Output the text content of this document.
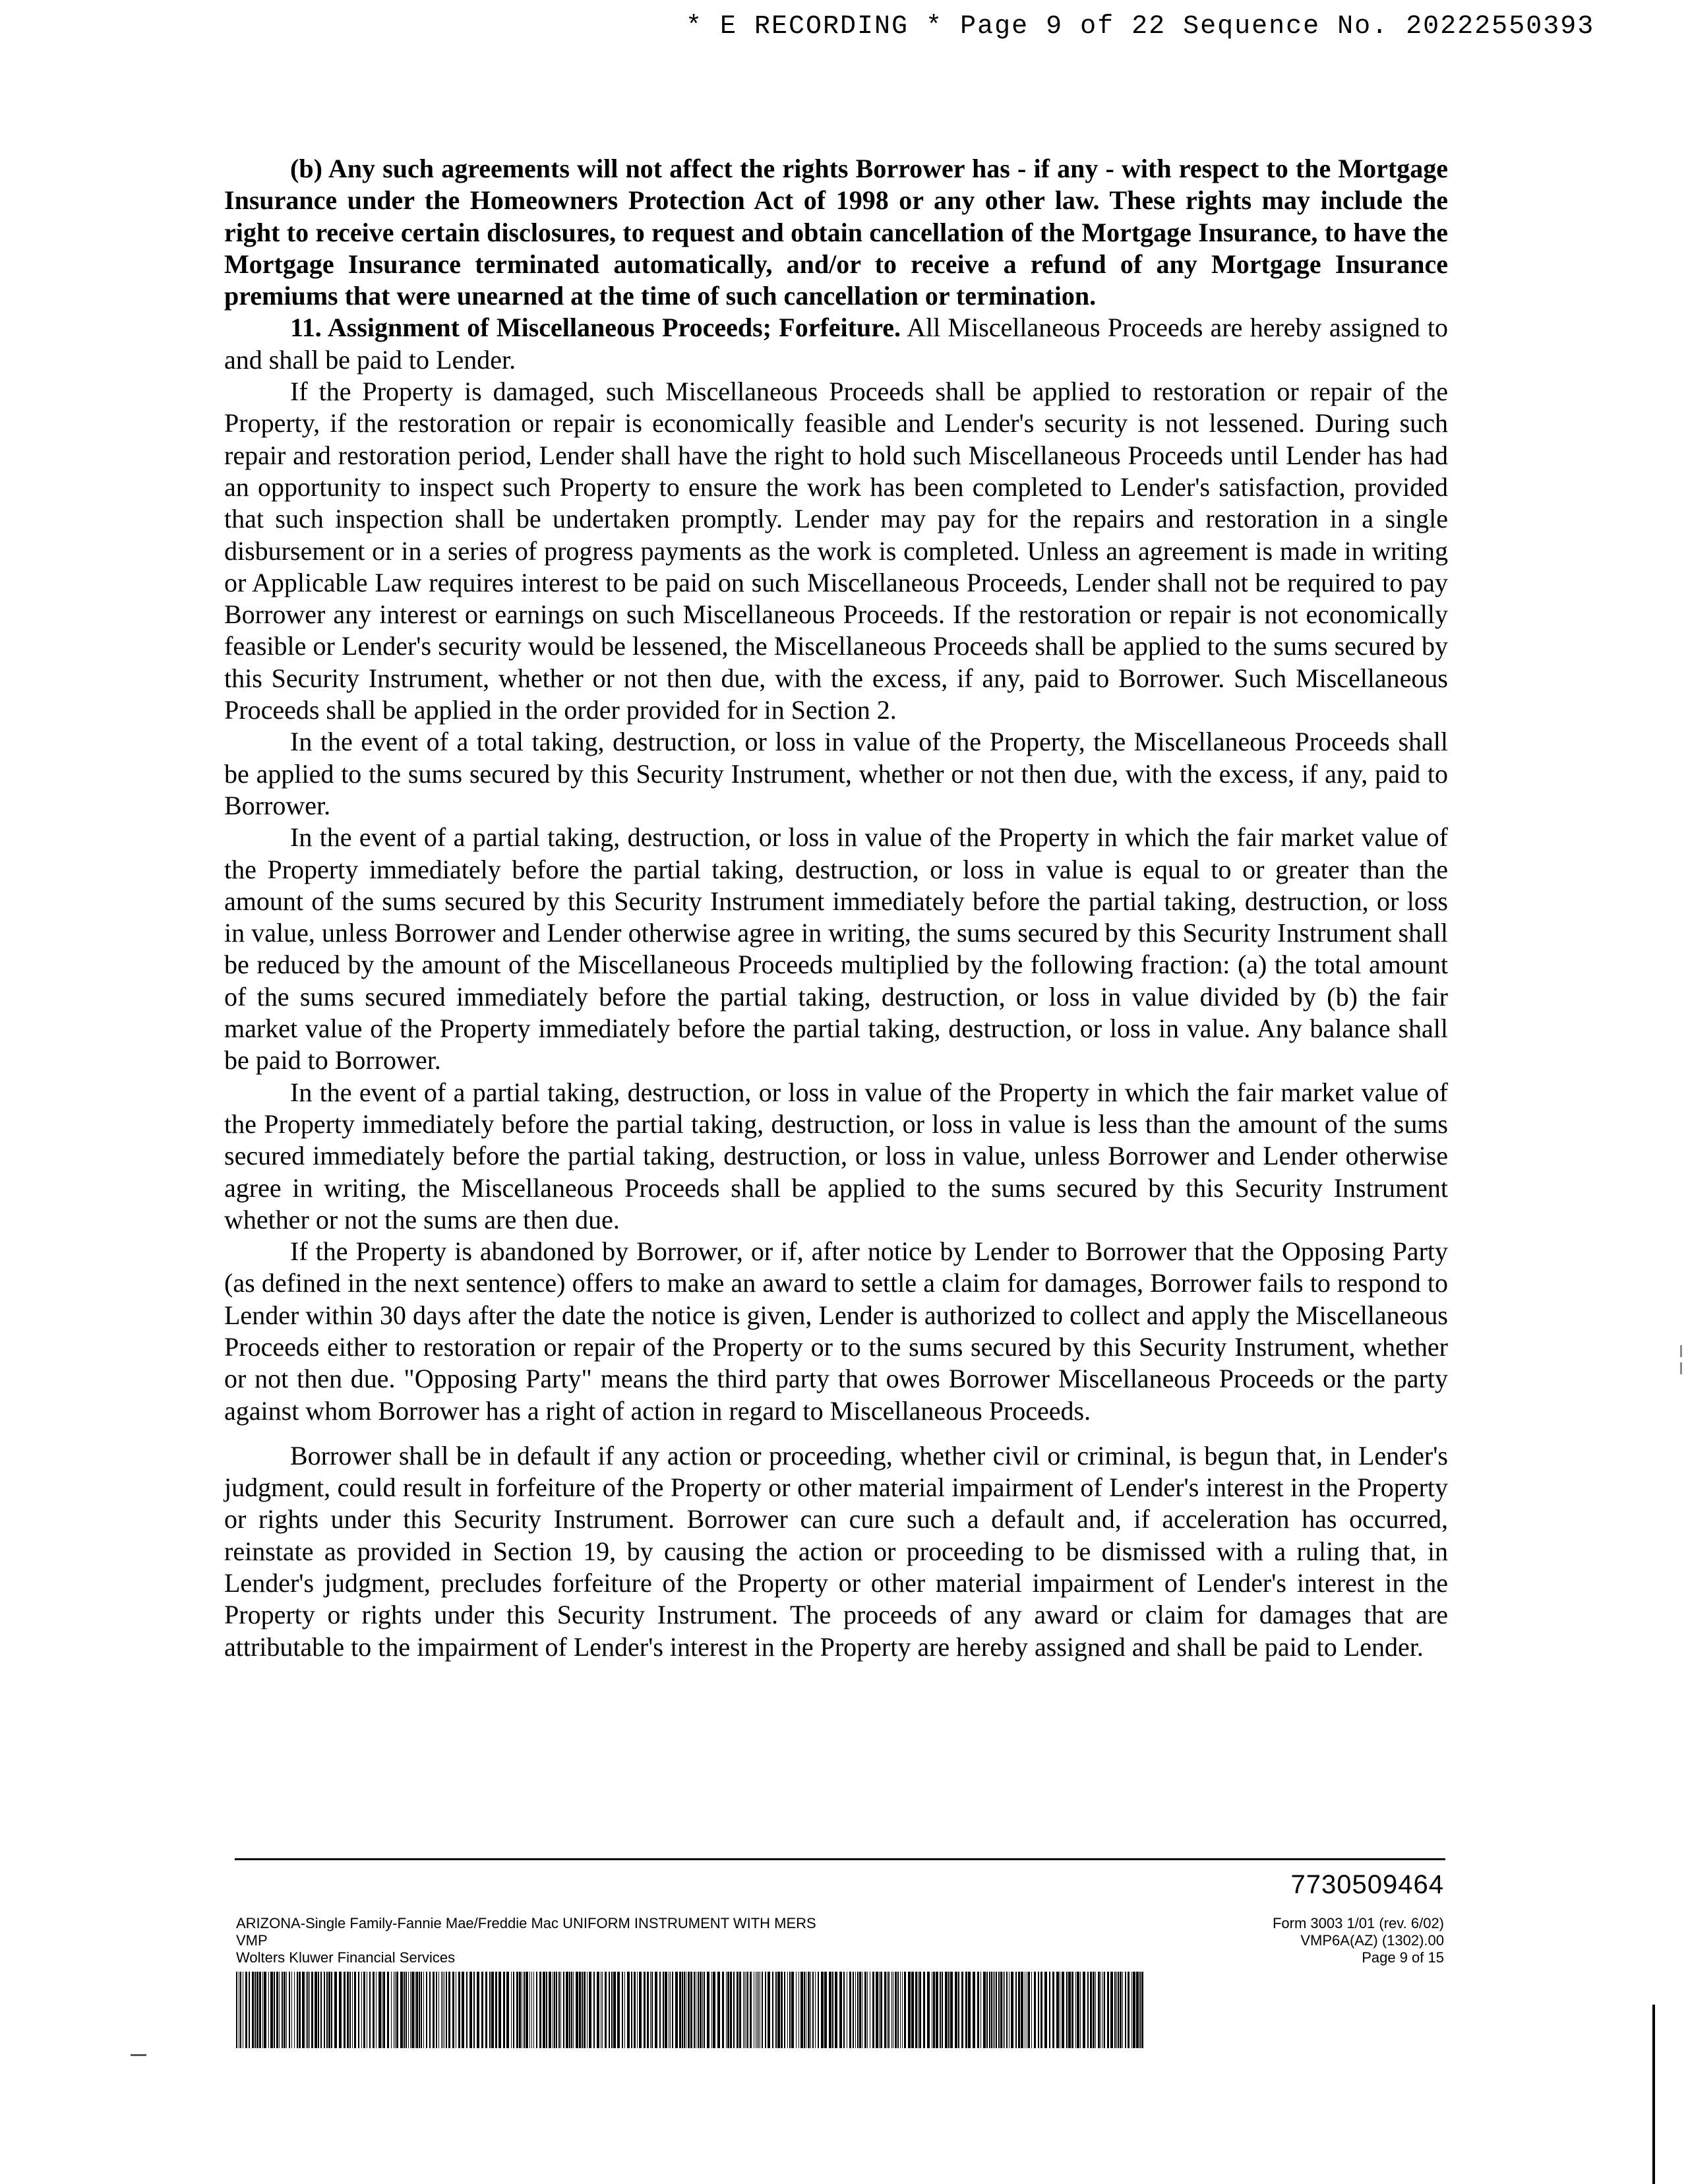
* E RECORDING * Page 9 of 22 Sequence No. 20222550393

(b) Any such agreements will not affect the rights Borrower has - if any - with respect to the Mortgage Insurance under the Homeowners Protection Act of 1998 or any other law. These rights may include the right to receive certain disclosures, to request and obtain cancellation of the Mortgage Insurance, to have the Mortgage Insurance terminated automatically, and/or to receive a refund of any Mortgage Insurance premiums that were unearned at the time of such cancellation or termination.

11. Assignment of Miscellaneous Proceeds; Forfeiture. All Miscellaneous Proceeds are hereby assigned to and shall be paid to Lender.

If the Property is damaged, such Miscellaneous Proceeds shall be applied to restoration or repair of the Property, if the restoration or repair is economically feasible and Lender's security is not lessened. During such repair and restoration period, Lender shall have the right to hold such Miscellaneous Proceeds until Lender has had an opportunity to inspect such Property to ensure the work has been completed to Lender's satisfaction, provided that such inspection shall be undertaken promptly. Lender may pay for the repairs and restoration in a single disbursement or in a series of progress payments as the work is completed. Unless an agreement is made in writing or Applicable Law requires interest to be paid on such Miscellaneous Proceeds, Lender shall not be required to pay Borrower any interest or earnings on such Miscellaneous Proceeds. If the restoration or repair is not economically feasible or Lender's security would be lessened, the Miscellaneous Proceeds shall be applied to the sums secured by this Security Instrument, whether or not then due, with the excess, if any, paid to Borrower. Such Miscellaneous Proceeds shall be applied in the order provided for in Section 2.

In the event of a total taking, destruction, or loss in value of the Property, the Miscellaneous Proceeds shall be applied to the sums secured by this Security Instrument, whether or not then due, with the excess, if any, paid to Borrower.

In the event of a partial taking, destruction, or loss in value of the Property in which the fair market value of the Property immediately before the partial taking, destruction, or loss in value is equal to or greater than the amount of the sums secured by this Security Instrument immediately before the partial taking, destruction, or loss in value, unless Borrower and Lender otherwise agree in writing, the sums secured by this Security Instrument shall be reduced by the amount of the Miscellaneous Proceeds multiplied by the following fraction: (a) the total amount of the sums secured immediately before the partial taking, destruction, or loss in value divided by (b) the fair market value of the Property immediately before the partial taking, destruction, or loss in value. Any balance shall be paid to Borrower.

In the event of a partial taking, destruction, or loss in value of the Property in which the fair market value of the Property immediately before the partial taking, destruction, or loss in value is less than the amount of the sums secured immediately before the partial taking, destruction, or loss in value, unless Borrower and Lender otherwise agree in writing, the Miscellaneous Proceeds shall be applied to the sums secured by this Security Instrument whether or not the sums are then due.

If the Property is abandoned by Borrower, or if, after notice by Lender to Borrower that the Opposing Party (as defined in the next sentence) offers to make an award to settle a claim for damages, Borrower fails to respond to Lender within 30 days after the date the notice is given, Lender is authorized to collect and apply the Miscellaneous Proceeds either to restoration or repair of the Property or to the sums secured by this Security Instrument, whether or not then due. "Opposing Party" means the third party that owes Borrower Miscellaneous Proceeds or the party against whom Borrower has a right of action in regard to Miscellaneous Proceeds.

Borrower shall be in default if any action or proceeding, whether civil or criminal, is begun that, in Lender's judgment, could result in forfeiture of the Property or other material impairment of Lender's interest in the Property or rights under this Security Instrument. Borrower can cure such a default and, if acceleration has occurred, reinstate as provided in Section 19, by causing the action or proceeding to be dismissed with a ruling that, in Lender's judgment, precludes forfeiture of the Property or other material impairment of Lender's interest in the Property or rights under this Security Instrument. The proceeds of any award or claim for damages that are attributable to the impairment of Lender's interest in the Property are hereby assigned and shall be paid to Lender.

7730509464
ARIZONA-Single Family-Fannie Mae/Freddie Mac UNIFORM INSTRUMENT WITH MERS
VMP
Wolters Kluwer Financial Services
Form 3003 1/01 (rev. 6/02)
VMP6A(AZ) (1302).00
Page 9 of 15
